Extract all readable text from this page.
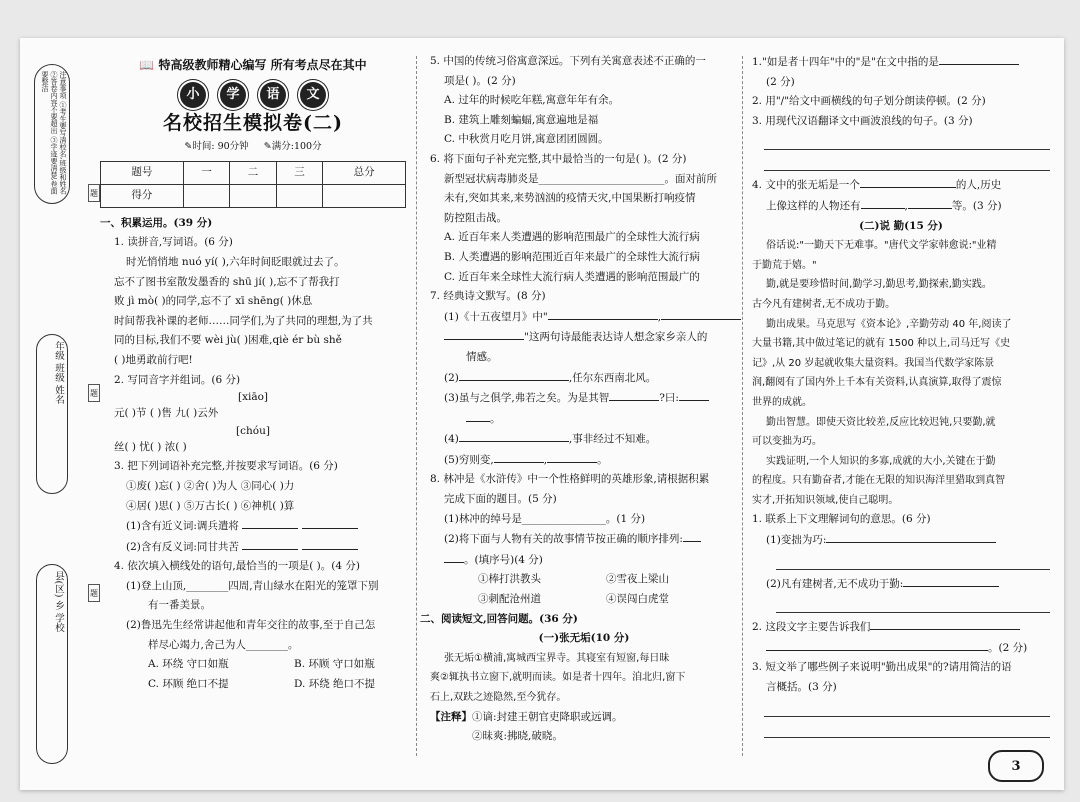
注意事项 ①考生要写清校名,班级和姓名 ②答卷内容不要超出 ③字迹要清楚,卷面要整洁
年级 班级 姓名
县(区) 乡 学校
题
题
题
📖 特高级教师精心编写 所有考点尽在其中
小	学	语	文
名校招生模拟卷(二)
✎时间: 90分钟 ✎满分:100分
题号	一	二	三	总分
得分				

一、积累运用。(39 分)

1. 读拼音,写词语。(6 分)

时光悄悄地 nuó yí( ),六年时间眨眼就过去了。

忘不了图书室散发墨香的 shū jí( ),忘不了帮我打

败 jì mò( )的同学,忘不了 xī shēng( )休息

时间帮我补课的老师……同学们,为了共同的理想,为了共

同的目标,我们不要 wèi jù( )困难,qiè ér bù shě

( )地勇敢前行吧!

2. 写同音字并组词。(6 分)

[xiāo]

元( )节 ( )售 九( )云外

[chóu]

丝( ) 忧( ) 浓( )

3. 把下列词语补充完整,并按要求写词语。(6 分)

①废( )忘( ) ②舍( )为人 ③同心( )力

④居( )思( ) ⑤万古长( ) ⑥神机( )算

(1)含有近义词:调兵遣将

(2)含有反义词:同甘共苦

4. 依次填入横线处的语句,最恰当的一项是( )。(4 分)

(1)登上山顶,________四周,青山绿水在阳光的笼罩下别

有一番美景。

(2)鲁迅先生经常讲起他和青年交往的故事,至于自己怎

样尽心竭力,舍己为人________。

A. 环绕 守口如瓶	B. 环顾 守口如瓶

C. 环顾 绝口不提	D. 环绕 绝口不提

5. 中国的传统习俗寓意深远。下列有关寓意表述不正确的一

项是( )。(2 分)

A. 过年的时候吃年糕,寓意年年有余。

B. 建筑上雕刻蝙蝠,寓意遍地是福

C. 中秋赏月吃月饼,寓意团团圆圆。

6. 将下面句子补充完整,其中最恰当的一句是( )。(2 分)

新型冠状病毒肺炎是________________________。面对前所

未有,突如其来,来势汹汹的疫情天灾,中国果断打响疫情

防控阻击战。

A. 近百年来人类遭遇的影响范围最广的全球性大流行病

B. 人类遭遇的影响范围近百年来最广的全球性大流行病

C. 近百年来全球性大流行病人类遭遇的影响范围最广的

7. 经典诗文默写。(8 分)

(1)《十五夜望月》中"	,

"这两句诗最能表达诗人想念家乡亲人的

情感。

(2)	,任尔东西南北风。

(3)虽与之俱学,弗若之矣。为是其智	?曰:

。

(4)	,事非经过不知难。

(5)穷则变,	,	。

8. 林冲是《水浒传》中一个性格鲜明的英雄形象,请根据积累

完成下面的题目。(5 分)

(1)林冲的绰号是________________。(1 分)

(2)将下面与人物有关的故事情节按正确的顺序排列:

。(填序号)(4 分)

①棒打洪教头	②雪夜上梁山

③刺配沧州道	④误闯白虎堂

二、阅读短文,回答问题。(36 分)

(一)张无垢(10 分)

张无垢①横浦,寓城西宝界寺。其寝室有短窗,每日昧

爽②辄执书立窗下,就明而读。如是者十四年。洎北归,窗下

石上,双趺之迹隐然,至今犹存。

【注释】①谪:封建王朝官吏降职或远调。

②昧爽:拂晓,破晓。

1."如是者十四年"中的"是"在文中指的是

(2 分)

2. 用"/"给文中画横线的句子划分朗读停顿。(2 分)

3. 用现代汉语翻译文中画波浪线的句子。(3 分)

4. 文中的张无垢是一个	的人,历史

上像这样的人物还有	,	等。(3 分)

(二)说 勤(15 分)

俗话说:"一勤天下无难事。"唐代文学家韩愈说:"业精

于勤荒于嬉。"

勤,就是要珍惜时间,勤学习,勤思考,勤探索,勤实践。

古今凡有建树者,无不成功于勤。

勤出成果。马克思写《资本论》,辛勤劳动 40 年,阅读了

大量书籍,其中做过笔记的就有 1500 种以上,司马迁写《史

记》,从 20 岁起就收集大量资料。我国当代数学家陈景

润,翻阅有了国内外上千本有关资料,认真演算,取得了震惊

世界的成就。

勤出智慧。即使天资比较差,反应比较迟钝,只要勤,就

可以变拙为巧。

实践证明,一个人知识的多寡,成就的大小,关键在于勤

的程度。只有勤奋者,才能在无限的知识海洋里猎取到真智

实才,开拓知识领域,使自己聪明。

1. 联系上下文理解词句的意思。(6 分)

(1)变拙为巧:

(2)凡有建树者,无不成功于勤:

2. 这段文字主要告诉我们

。(2 分)

3. 短文举了哪些例子来说明"勤出成果"的?请用简洁的语

言概括。(3 分)

3
